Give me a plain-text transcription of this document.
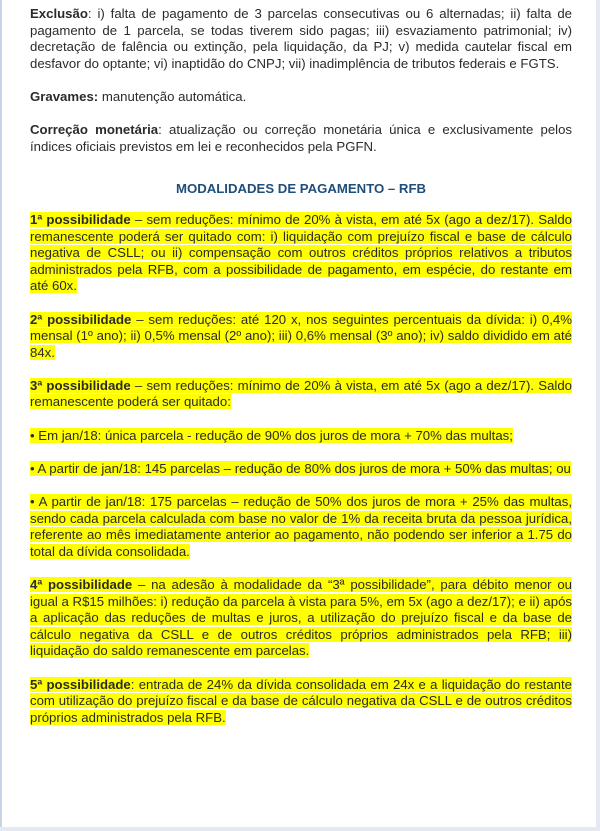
Exclusão: i) falta de pagamento de 3 parcelas consecutivas ou 6 alternadas; ii) falta de pagamento de 1 parcela, se todas tiverem sido pagas; iii) esvaziamento patrimonial; iv) decretação de falência ou extinção, pela liquidação, da PJ; v) medida cautelar fiscal em desfavor do optante; vi) inaptidão do CNPJ; vii) inadimplência de tributos federais e FGTS.

Gravames: manutenção automática.

Correção monetária: atualização ou correção monetária única e exclusivamente pelos índices oficiais previstos em lei e reconhecidos pela PGFN.

MODALIDADES DE PAGAMENTO – RFB

1ª possibilidade – sem reduções: mínimo de 20% à vista, em até 5x (ago a dez/17). Saldo remanescente poderá ser quitado com: i) liquidação com prejuízo fiscal e base de cálculo negativa de CSLL; ou ii) compensação com outros créditos próprios relativos a tributos administrados pela RFB, com a possibilidade de pagamento, em espécie, do restante em até 60x.

2ª possibilidade – sem reduções: até 120 x, nos seguintes percentuais da dívida: i) 0,4% mensal (1º ano); ii) 0,5% mensal (2º ano); iii) 0,6% mensal (3º ano); iv) saldo dividido em até 84x.

3ª possibilidade – sem reduções: mínimo de 20% à vista, em até 5x (ago a dez/17). Saldo remanescente poderá ser quitado:

• Em jan/18: única parcela - redução de 90% dos juros de mora + 70% das multas;

• A partir de jan/18: 145 parcelas – redução de 80% dos juros de mora + 50% das multas; ou

• A partir de jan/18: 175 parcelas – redução de 50% dos juros de mora + 25% das multas, sendo cada parcela calculada com base no valor de 1% da receita bruta da pessoa jurídica, referente ao mês imediatamente anterior ao pagamento, não podendo ser inferior a 1.75 do total da dívida consolidada.

4ª possibilidade – na adesão à modalidade da “3ª possibilidade”, para débito menor ou igual a R$15 milhões: i) redução da parcela à vista para 5%, em 5x (ago a dez/17); e ii) após a aplicação das reduções de multas e juros, a utilização do prejuízo fiscal e da base de cálculo negativa da CSLL e de outros créditos próprios administrados pela RFB; iii) liquidação do saldo remanescente em parcelas.

5ª possibilidade: entrada de 24% da dívida consolidada em 24x e a liquidação do restante com utilização do prejuízo fiscal e da base de cálculo negativa da CSLL e de outros créditos próprios administrados pela RFB.
